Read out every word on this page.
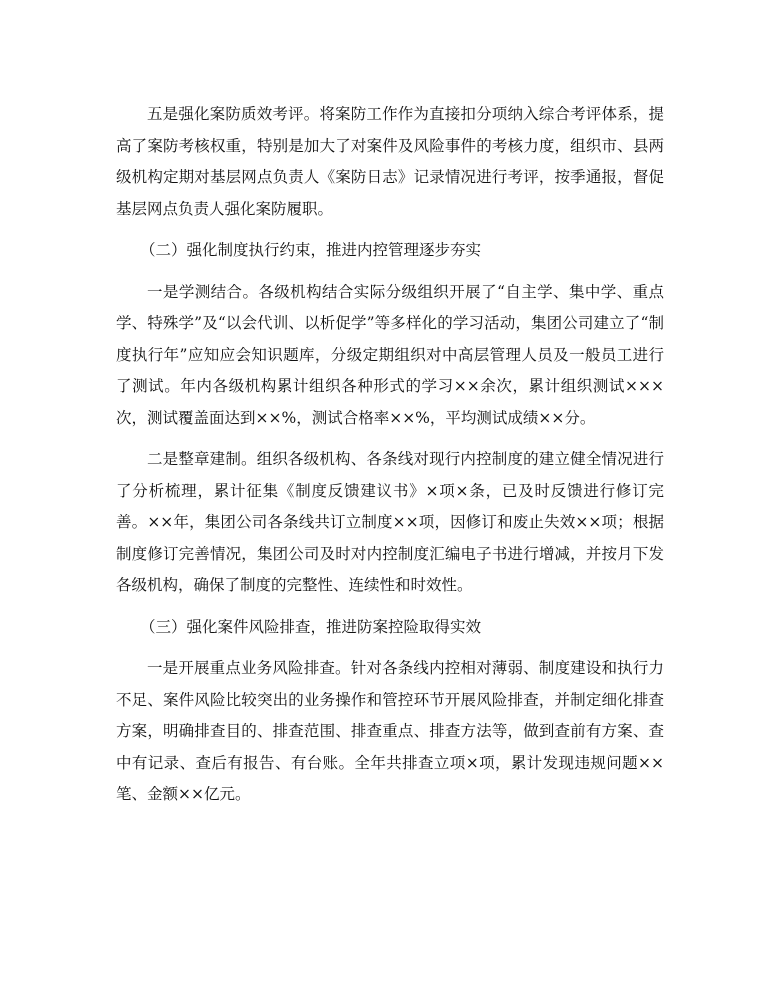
五是强化案防质效考评。将案防工作作为直接扣分项纳入综合考评体系，提高了案防考核权重，特别是加大了对案件及风险事件的考核力度，组织市、县两级机构定期对基层网点负责人《案防日志》记录情况进行考评，按季通报，督促基层网点负责人强化案防履职。

（二）强化制度执行约束，推进内控管理逐步夯实

一是学测结合。各级机构结合实际分级组织开展了“自主学、集中学、重点学、特殊学”及“以会代训、以析促学”等多样化的学习活动，集团公司建立了“制度执行年”应知应会知识题库，分级定期组织对中高层管理人员及一般员工进行了测试。年内各级机构累计组织各种形式的学习××余次，累计组织测试×××次，测试覆盖面达到××%，测试合格率××%，平均测试成绩××分。

二是整章建制。组织各级机构、各条线对现行内控制度的建立健全情况进行了分析梳理，累计征集《制度反馈建议书》×项×条，已及时反馈进行修订完善。××年，集团公司各条线共订立制度××项，因修订和废止失效××项；根据制度修订完善情况，集团公司及时对内控制度汇编电子书进行增减，并按月下发各级机构，确保了制度的完整性、连续性和时效性。

（三）强化案件风险排查，推进防案控险取得实效

一是开展重点业务风险排查。针对各条线内控相对薄弱、制度建设和执行力不足、案件风险比较突出的业务操作和管控环节开展风险排查，并制定细化排查方案，明确排查目的、排查范围、排查重点、排查方法等，做到查前有方案、查中有记录、查后有报告、有台账。全年共排查立项×项，累计发现违规问题××笔、金额××亿元。
